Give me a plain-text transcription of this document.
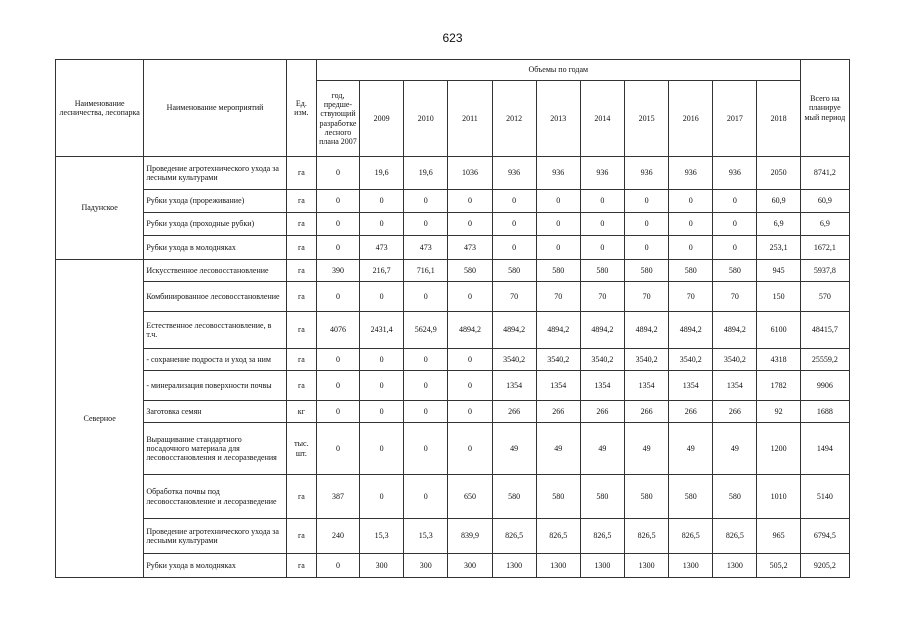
623
Наименование лесничества, лесопарка	Наименование мероприятий	Ед. изм.	Объемы по годам											Всего на планируе мый период
			год, предше-ствующий разработке лесного плана 2007	2009	2010	2011	2012	2013	2014	2015	2016	2017	2018	
Падунское	Проведение агротехнического ухода за лесными культурами	га	0	19,6	19,6	1036	936	936	936	936	936	936	2050	8741,2
	Рубки ухода (прореживание)	га	0	0	0	0	0	0	0	0	0	0	60,9	60,9
	Рубки ухода (проходные рубки)	га	0	0	0	0	0	0	0	0	0	0	6,9	6,9
	Рубки ухода в молодняках	га	0	473	473	473	0	0	0	0	0	0	253,1	1672,1
Северное	Искусственное лесовосстановление	га	390	216,7	716,1	580	580	580	580	580	580	580	945	5937,8
	Комбинированное лесовосстановление	га	0	0	0	0	70	70	70	70	70	70	150	570
	Естественное лесовосстановление, в т.ч.	га	4076	2431,4	5624,9	4894,2	4894,2	4894,2	4894,2	4894,2	4894,2	4894,2	6100	48415,7
	- сохранение подроста и уход за ним	га	0	0	0	0	3540,2	3540,2	3540,2	3540,2	3540,2	3540,2	4318	25559,2
	- минерализация поверхности почвы	га	0	0	0	0	1354	1354	1354	1354	1354	1354	1782	9906
	Заготовка семян	кг	0	0	0	0	266	266	266	266	266	266	92	1688
	Выращивание стандартного посадочного материала для лесовосстановления и лесоразведения	тыс. шт.	0	0	0	0	49	49	49	49	49	49	1200	1494
	Обработка почвы под лесовосстановление и лесоразведение	га	387	0	0	650	580	580	580	580	580	580	1010	5140
	Проведение агротехнического ухода за лесными культурами	га	240	15,3	15,3	839,9	826,5	826,5	826,5	826,5	826,5	826,5	965	6794,5
	Рубки ухода в молодняках	га	0	300	300	300	1300	1300	1300	1300	1300	1300	505,2	9205,2
